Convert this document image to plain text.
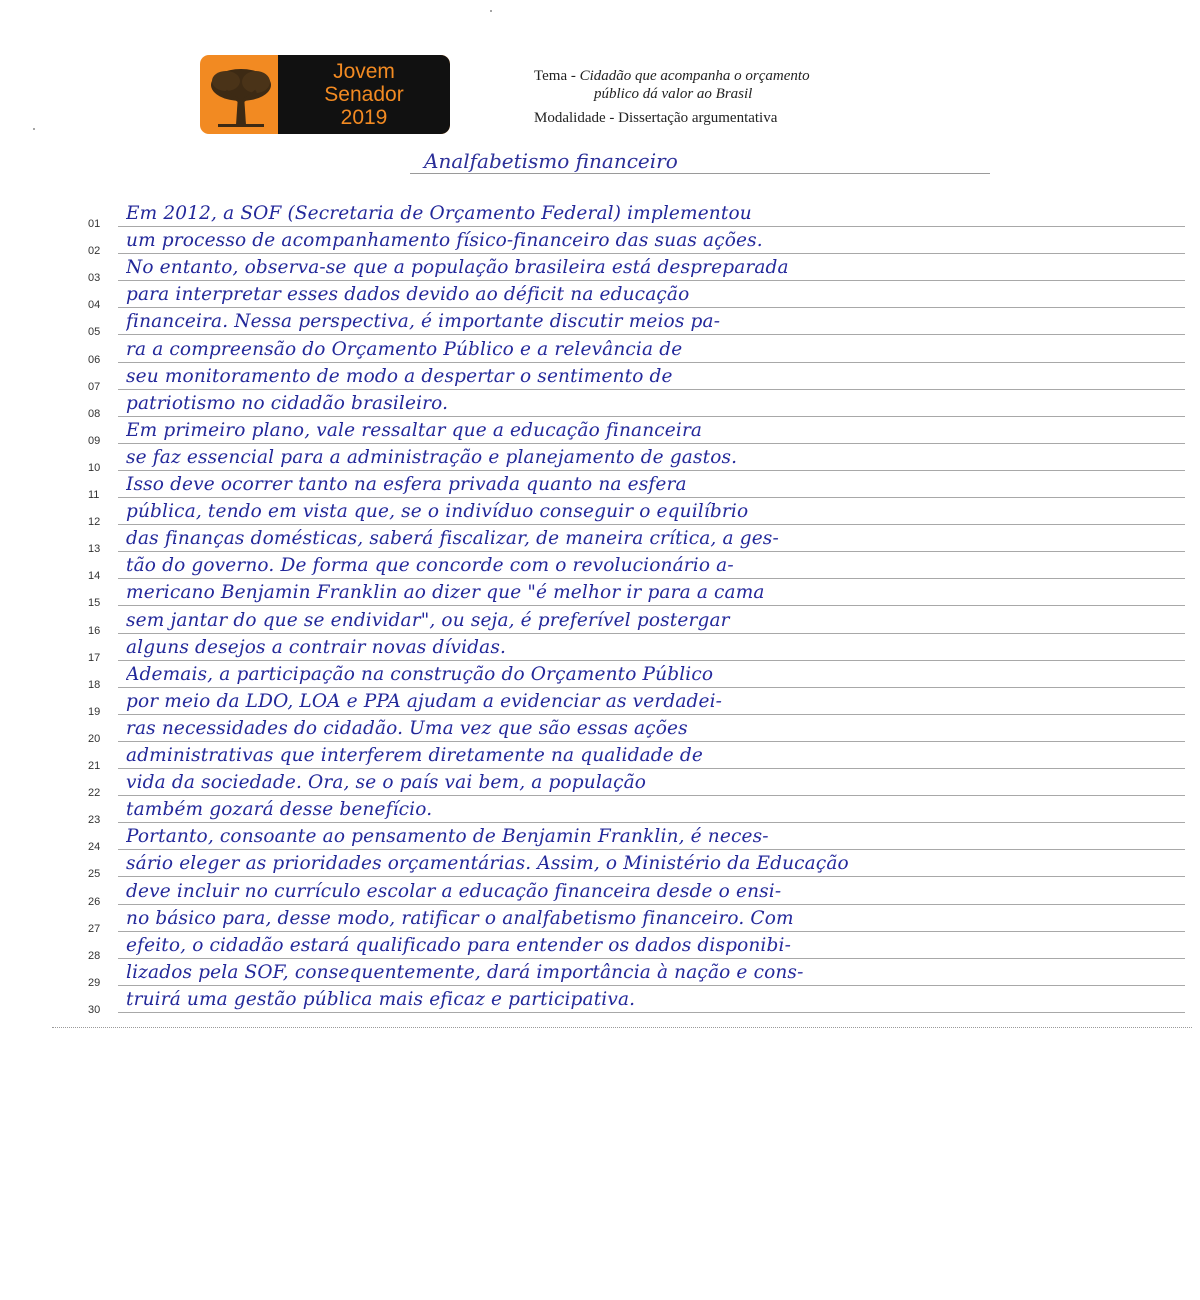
Jovem
Senador
2019
Tema - Cidadão que acompanha o orçamento
público dá valor ao Brasil
Modalidade - Dissertação argumentativa
Analfabetismo financeiro
01	Em 2012, a SOF (Secretaria de Orçamento Federal) implementou
02	um processo de acompanhamento físico-financeiro das suas ações.
03	No entanto, observa-se que a população brasileira está despreparada
04	para interpretar esses dados devido ao déficit na educação
05	financeira. Nessa perspectiva, é importante discutir meios pa-
06	ra a compreensão do Orçamento Público e a relevância de
07	seu monitoramento de modo a despertar o sentimento de
08	patriotismo no cidadão brasileiro.
09	Em primeiro plano, vale ressaltar que a educação financeira
10	se faz essencial para a administração e planejamento de gastos.
11	Isso deve ocorrer tanto na esfera privada quanto na esfera
12	pública, tendo em vista que, se o indivíduo conseguir o equilíbrio
13	das finanças domésticas, saberá fiscalizar, de maneira crítica, a ges-
14	tão do governo. De forma que concorde com o revolucionário a-
15	mericano Benjamin Franklin ao dizer que "é melhor ir para a cama
16	sem jantar do que se endividar", ou seja, é preferível postergar
17	alguns desejos a contrair novas dívidas.
18	Ademais, a participação na construção do Orçamento Público
19	por meio da LDO, LOA e PPA ajudam a evidenciar as verdadei-
20	ras necessidades do cidadão. Uma vez que são essas ações
21	administrativas que interferem diretamente na qualidade de
22	vida da sociedade. Ora, se o país vai bem, a população
23	também gozará desse benefício.
24	Portanto, consoante ao pensamento de Benjamin Franklin, é neces-
25	sário eleger as prioridades orçamentárias. Assim, o Ministério da Educação
26	deve incluir no currículo escolar a educação financeira desde o ensi-
27	no básico para, desse modo, ratificar o analfabetismo financeiro. Com
28	efeito, o cidadão estará qualificado para entender os dados disponibi-
29	lizados pela SOF, consequentemente, dará importância à nação e cons-
30	truirá uma gestão pública mais eficaz e participativa.
